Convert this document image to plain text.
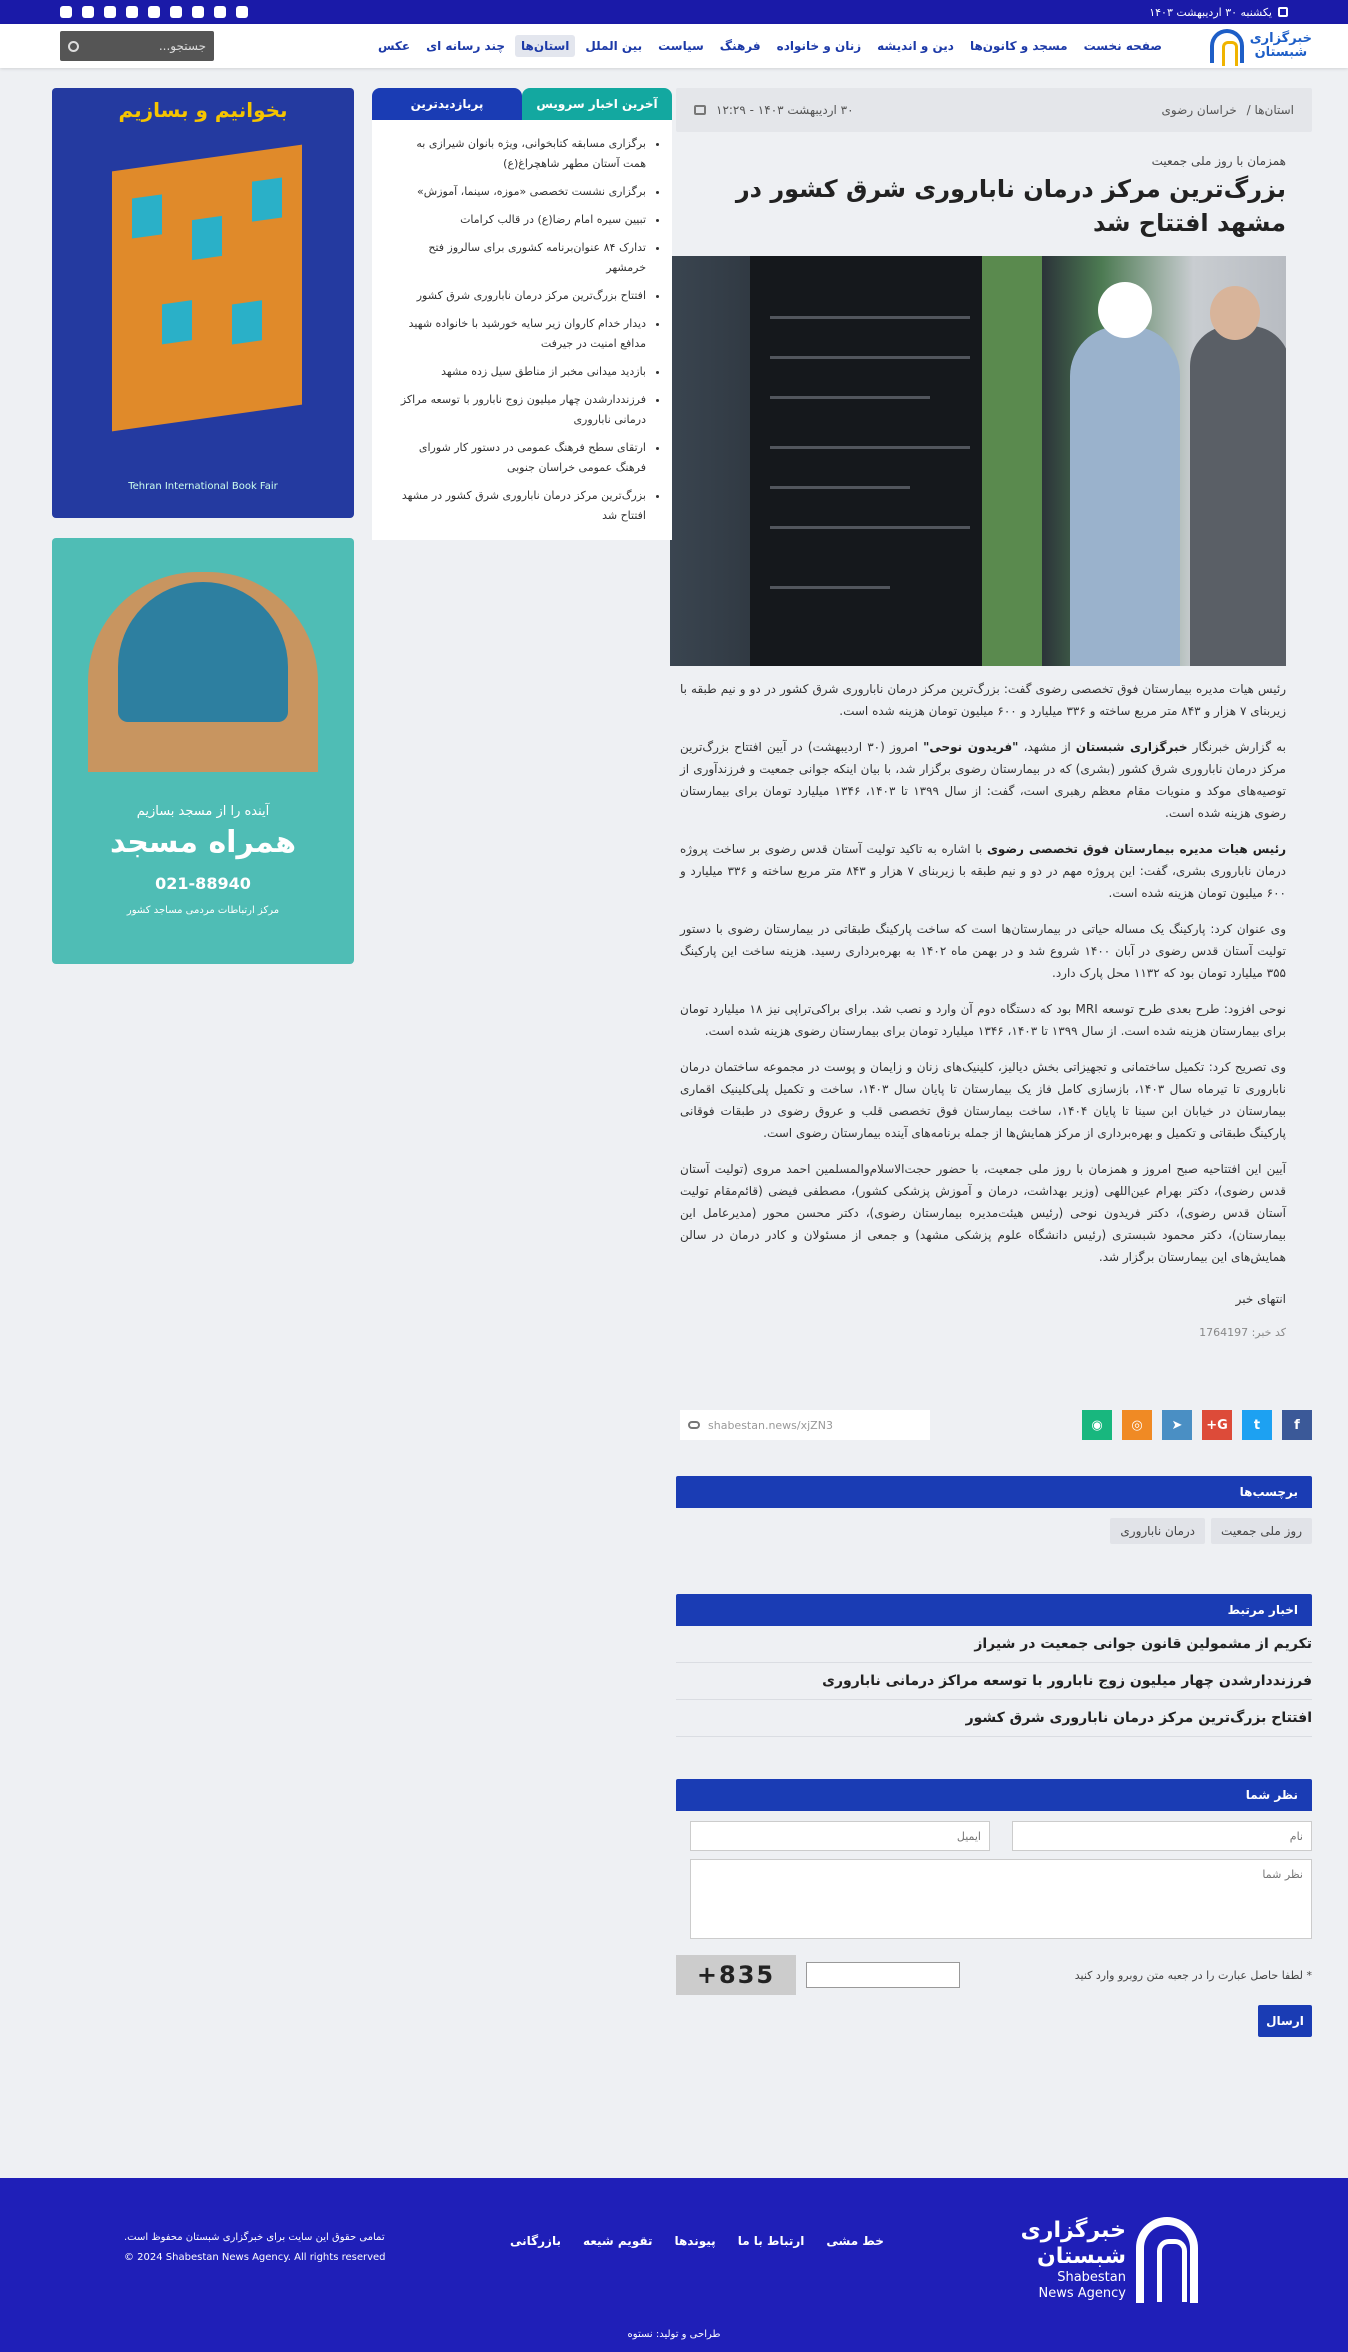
یکشنبه ۳۰ اردیبهشت ۱۴۰۳
خبرگزاری
شبستان
صفحه نخست
مسجد و کانون‌ها
دین و اندیشه
زنان و خانواده
فرهنگ
سیاست
بین الملل
استان‌ها
چند رسانه ای
عکس
جستجو...
استان‌ها / خراسان رضوی
۳۰ اردیبهشت ۱۴۰۳ - ۱۲:۲۹
همزمان با روز ملی جمعیت
بزرگ‌ترین مرکز درمان ناباروری شرق کشور در مشهد افتتاح شد

رئیس هیات مدیره بیمارستان فوق تخصصی رضوی گفت: بزرگ‌ترین مرکز درمان ناباروری شرق کشور در دو و نیم طبقه با زیربنای ۷ هزار و ۸۴۳ متر مربع ساخته و ۳۳۶ میلیارد و ۶۰۰ میلیون تومان هزینه شده است.

به گزارش خبرنگار خبرگزاری شبستان از مشهد، "فریدون نوحی" امروز (۳۰ اردیبهشت) در آیین افتتاح بزرگ‌ترین مرکز درمان ناباروری شرق کشور (بشری) که در بیمارستان رضوی برگزار شد، با بیان اینکه جوانی جمعیت و فرزندآوری از توصیه‌های موکد و منویات مقام معظم رهبری است، گفت: از سال ۱۳۹۹ تا ۱۴۰۳، ۱۳۴۶ میلیارد تومان برای بیمارستان رضوی هزینه شده است.

رئیس هیات مدیره بیمارستان فوق تخصصی رضوی با اشاره به تاکید تولیت آستان قدس رضوی بر ساخت پروژه درمان ناباروری بشری، گفت: این پروژه مهم در دو و نیم طبقه با زیربنای ۷ هزار و ۸۴۳ متر مربع ساخته و ۳۳۶ میلیارد و ۶۰۰ میلیون تومان هزینه شده است.

وی عنوان کرد: پارکینگ یک مساله حیاتی در بیمارستان‌ها است که ساخت پارکینگ طبقاتی در بیمارستان رضوی با دستور تولیت آستان قدس رضوی در آبان ۱۴۰۰ شروع شد و در بهمن ماه ۱۴۰۲ به بهره‌برداری رسید. هزینه ساخت این پارکینگ ۳۵۵ میلیارد تومان بود که ۱۱۳۲ محل پارک دارد.

نوحی افزود: طرح بعدی طرح توسعه MRI بود که دستگاه دوم آن وارد و نصب شد. برای براکی‌تراپی نیز ۱۸ میلیارد تومان برای بیمارستان هزینه شده است. از سال ۱۳۹۹ تا ۱۴۰۳، ۱۳۴۶ میلیارد تومان برای بیمارستان رضوی هزینه شده است.

وی تصریح کرد: تکمیل ساختمانی و تجهیزاتی بخش دیالیز، کلینیک‌های زنان و زایمان و پوست در مجموعه ساختمان درمان ناباروری تا تیرماه سال ۱۴۰۳، بازسازی کامل فاز یک بیمارستان تا پایان سال ۱۴۰۳، ساخت و تکمیل پلی‌کلینیک اقماری بیمارستان در خیابان ابن سینا تا پایان ۱۴۰۴، ساخت بیمارستان فوق تخصصی قلب و عروق رضوی در طبقات فوقانی پارکینگ طبقاتی و تکمیل و بهره‌برداری از مرکز همایش‌ها از جمله برنامه‌های آینده بیمارستان رضوی است.

آیین این افتتاحیه صبح امروز و همزمان با روز ملی جمعیت، با حضور حجت‌الاسلام‌والمسلمین احمد مروی (تولیت آستان قدس رضوی)، دکتر بهرام عین‌اللهی (وزیر بهداشت، درمان و آموزش پزشکی کشور)، مصطفی فیضی (قائم‌مقام تولیت آستان قدس رضوی)، دکتر فریدون نوحی (رئیس هیئت‌مدیره بیمارستان رضوی)، دکتر محسن محور (مدیرعامل این بیمارستان)، دکتر محمود شبستری (رئیس دانشگاه علوم پزشکی مشهد) و جمعی از مسئولان و کادر درمان در سالن همایش‌های این بیمارستان برگزار شد.

انتهای خبر

کد خبر: 1764197

f
t
G+
➤
◎
◉
shabestan.news/xjZN3
برچسب‌ها
روز ملی جمعیت
درمان ناباروری
اخبار مرتبط
تکریم از مشمولین قانون جوانی جمعیت در شیراز
فرزنددارشدن چهار میلیون زوج نابارور با توسعه مراکز درمانی ناباروری
افتتاح بزرگ‌ترین مرکز درمان ناباروری شرق کشور
نظر شما
نام
ایمیل
نظر شما
* لطفا حاصل عبارت را در جعبه متن روبرو وارد کنید
+835
ارسال
آخرین اخبار سرویس
پربازدیدترین
• برگزاری مسابقه کتابخوانی، ویژه بانوان شیرازی به همت آستان مطهر شاهچراغ(ع)
• برگزاری نشست تخصصی «موزه، سینما، آموزش»
• تبیین سیره امام رضا(ع) در قالب کرامات
• تدارک ۸۴ عنوان‌برنامه کشوری برای سالروز فتح خرمشهر
• افتتاح بزرگ‌ترین مرکز درمان ناباروری شرق کشور
• دیدار خدام کاروان زیر سایه خورشید با خانواده شهید مدافع امنیت در جیرفت
• بازدید میدانی مخبر از مناطق سیل زده مشهد
• فرزنددارشدن چهار میلیون زوج نابارور با توسعه مراکز درمانی ناباروری
• ارتقای سطح فرهنگ عمومی در دستور کار شورای فرهنگ عمومی خراسان جنوبی
• بزرگ‌ترین مرکز درمان ناباروری شرق کشور در مشهد افتتاح شد
بخوانیم و بسازیم
Tehran International Book Fair
آینده را از مسجد بسازیم
همراه مسجد
021-88940
مرکز ارتباطات مردمی مساجد کشور
خبرگزاری
شبستان
Shabestan
News Agency
خط مشی
ارتباط با ما
پیوندها
تقویم شیعه
بازرگانی
تمامی حقوق این سایت برای خبرگزاری شبستان محفوظ است.
© 2024 Shabestan News Agency. All rights reserved
طراحی و تولید: نستوه
